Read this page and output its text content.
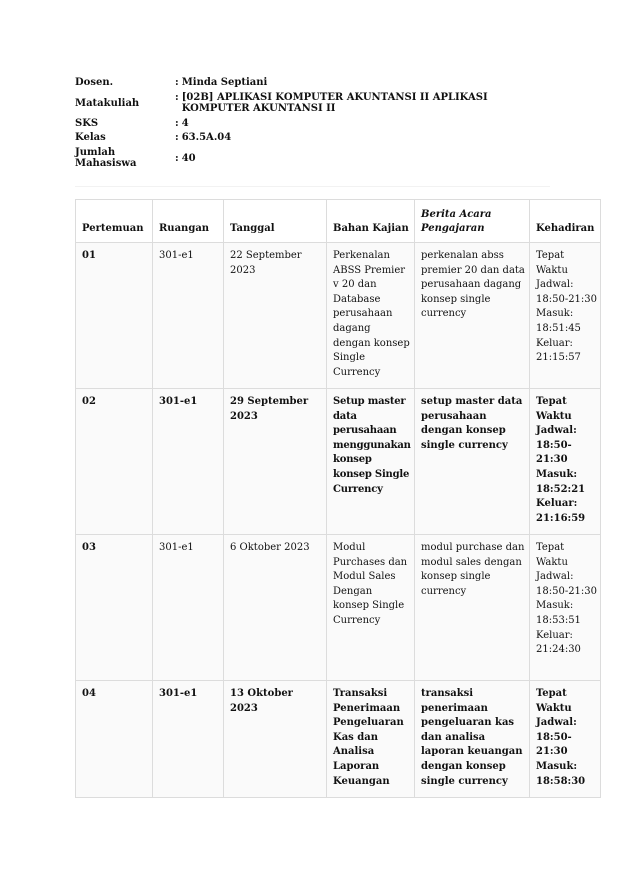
Dosen.	: Minda Septiani

Matakuliah	: [02B] APLIKASI KOMPUTER AKUNTANSI II APLIKASI KOMPUTER AKUNTANSI II

SKS	: 4

Kelas	: 63.5A.04

Jumlah Mahasiswa	: 40
Pertemuan	Ruangan	Tanggal	Bahan Kajian	Berita Acara Pengajaran	Kehadiran
01	301-e1	22 September 2023	Perkenalan ABSS Premier v 20 dan Database perusahaan dagang dengan konsep Single Currency	perkenalan abss premier 20 dan data perusahaan dagang konsep single currency	Tepat Waktu Jadwal: 18:50-21:30 Masuk: 18:51:45 Keluar: 21:15:57
02	301-e1	29 September 2023	Setup master data perusahaan menggunakan konsep konsep Single Currency	setup master data perusahaan dengan konsep single currency	Tepat Waktu Jadwal: 18:50-21:30 Masuk: 18:52:21 Keluar: 21:16:59
03	301-e1	6 Oktober 2023	Modul Purchases dan Modul Sales Dengan konsep Single Currency	modul purchase dan modul sales dengan konsep single currency	Tepat Waktu Jadwal: 18:50-21:30 Masuk: 18:53:51 Keluar: 21:24:30
04	301-e1	13 Oktober 2023	Transaksi Penerimaan Pengeluaran Kas dan Analisa Laporan Keuangan	transaksi penerimaan pengeluaran kas dan analisa laporan keuangan dengan konsep single currency	Tepat Waktu Jadwal: 18:50-21:30 Masuk: 18:58:30
